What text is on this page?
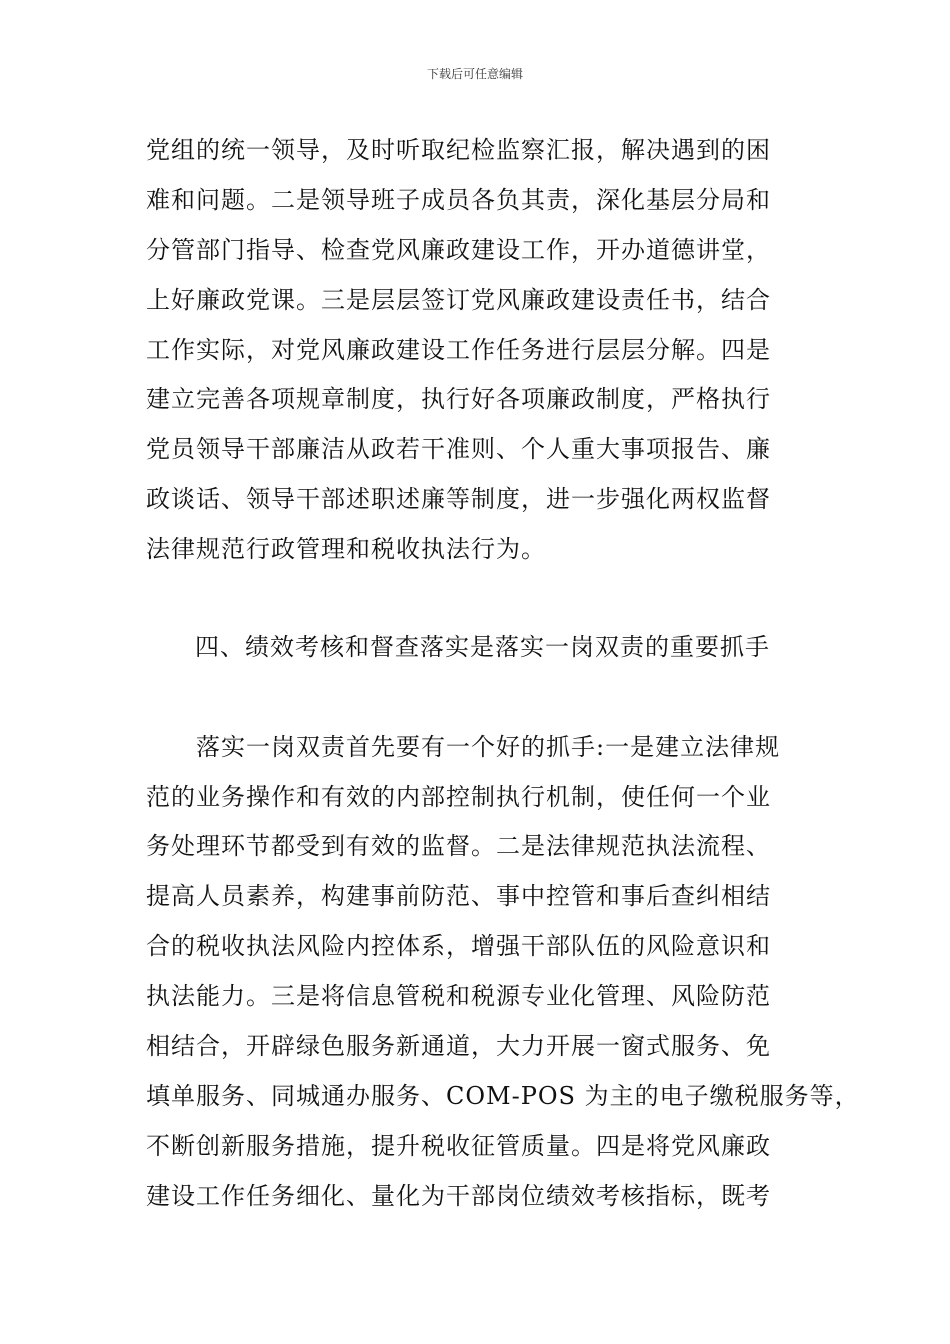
下载后可任意编辑
党组的统一领导，及时听取纪检监察汇报，解决遇到的困
难和问题。二是领导班子成员各负其责，深化基层分局和
分管部门指导、检查党风廉政建设工作，开办道德讲堂，
上好廉政党课。三是层层签订党风廉政建设责任书，结合
工作实际，对党风廉政建设工作任务进行层层分解。四是
建立完善各项规章制度，执行好各项廉政制度，严格执行
党员领导干部廉洁从政若干准则、个人重大事项报告、廉
政谈话、领导干部述职述廉等制度，进一步强化两权监督
法律规范行政管理和税收执法行为。
四、绩效考核和督查落实是落实一岗双责的重要抓手
　　落实一岗双责首先要有一个好的抓手:一是建立法律规
范的业务操作和有效的内部控制执行机制，使任何一个业
务处理环节都受到有效的监督。二是法律规范执法流程、
提高人员素养，构建事前防范、事中控管和事后查纠相结
合的税收执法风险内控体系，增强干部队伍的风险意识和
执法能力。三是将信息管税和税源专业化管理、风险防范
相结合，开辟绿色服务新通道，大力开展一窗式服务、免
填单服务、同城通办服务、COM-POS 为主的电子缴税服务等，
不断创新服务措施，提升税收征管质量。四是将党风廉政
建设工作任务细化、量化为干部岗位绩效考核指标，既考
